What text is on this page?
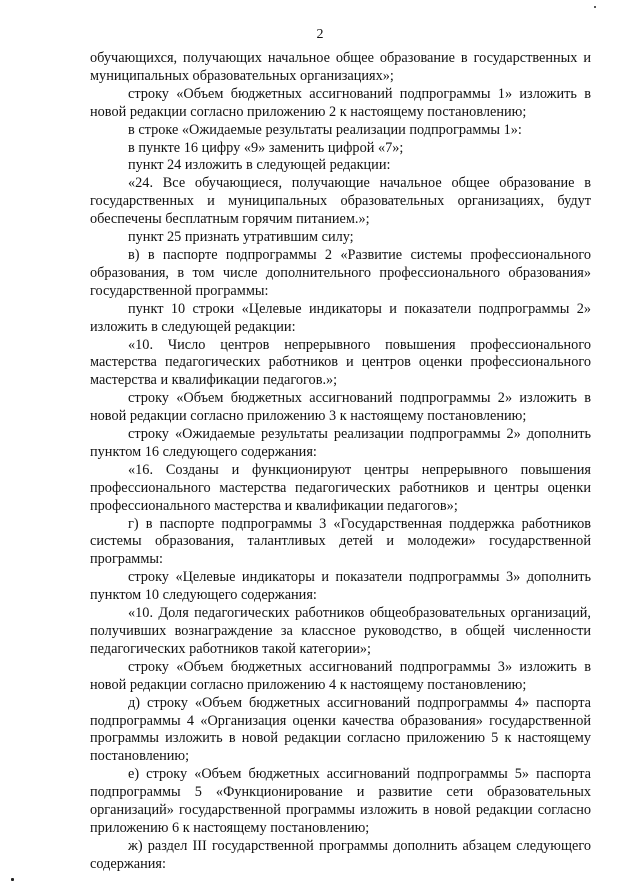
2

обучающихся, получающих начальное общее образование в государственных и муниципальных образовательных организациях»;

строку «Объем бюджетных ассигнований подпрограммы 1» изложить в новой редакции согласно приложению 2 к настоящему постановлению;

в строке «Ожидаемые результаты реализации подпрограммы 1»:

в пункте 16 цифру «9» заменить цифрой «7»;

пункт 24 изложить в следующей редакции:

«24. Все обучающиеся, получающие начальное общее образование в государственных и муниципальных образовательных организациях, будут обеспечены бесплатным горячим питанием.»;

пункт 25 признать утратившим силу;

в) в паспорте подпрограммы 2 «Развитие системы профессионального образования, в том числе дополнительного профессионального образования» государственной программы:

пункт 10 строки «Целевые индикаторы и показатели подпрограммы 2» изложить в следующей редакции:

«10. Число центров непрерывного повышения профессионального мастерства педагогических работников и центров оценки профессионального мастерства и квалификации педагогов.»;

строку «Объем бюджетных ассигнований подпрограммы 2» изложить в новой редакции согласно приложению 3 к настоящему постановлению;

строку «Ожидаемые результаты реализации подпрограммы 2» дополнить пунктом 16 следующего содержания:

«16. Созданы и функционируют центры непрерывного повышения профессионального мастерства педагогических работников и центры оценки профессионального мастерства и квалификации педагогов»;

г) в паспорте подпрограммы 3 «Государственная поддержка работников системы образования, талантливых детей и молодежи» государственной программы:

строку «Целевые индикаторы и показатели подпрограммы 3» дополнить пунктом 10 следующего содержания:

«10. Доля педагогических работников общеобразовательных организаций, получивших вознаграждение за классное руководство, в общей численности педагогических работников такой категории»;

строку «Объем бюджетных ассигнований подпрограммы 3» изложить в новой редакции согласно приложению 4 к настоящему постановлению;

д) строку «Объем бюджетных ассигнований подпрограммы 4» паспорта подпрограммы 4 «Организация оценки качества образования» государственной программы изложить в новой редакции согласно приложению 5 к настоящему постановлению;

е) строку «Объем бюджетных ассигнований подпрограммы 5» паспорта подпрограммы 5 «Функционирование и развитие сети образовательных организаций» государственной программы изложить в новой редакции согласно приложению 6 к настоящему постановлению;

ж) раздел III государственной программы дополнить абзацем следующего содержания:
